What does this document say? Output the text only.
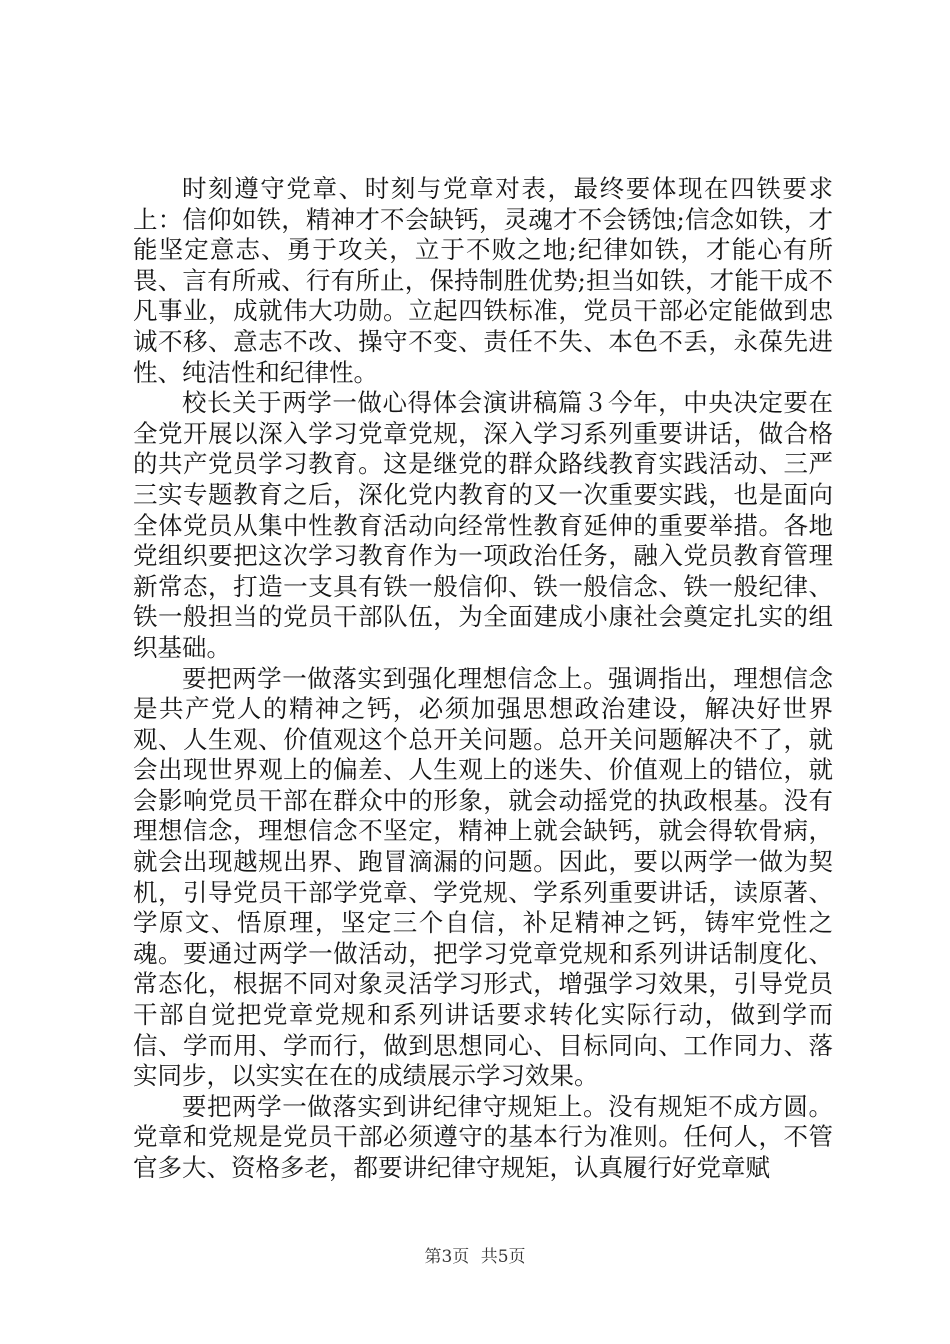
时刻遵守党章、时刻与党章对表，最终要体现在四铁要求上：信仰如铁，精神才不会缺钙，灵魂才不会锈蚀;信念如铁，才能坚定意志、勇于攻关，立于不败之地;纪律如铁，才能心有所畏、言有所戒、行有所止，保持制胜优势;担当如铁，才能干成不凡事业，成就伟大功勋。立起四铁标准，党员干部必定能做到忠诚不移、意志不改、操守不变、责任不失、本色不丢，永葆先进性、纯洁性和纪律性。

校长关于两学一做心得体会演讲稿篇３今年，中央决定要在全党开展以深入学习党章党规，深入学习系列重要讲话，做合格的共产党员学习教育。这是继党的群众路线教育实践活动、三严三实专题教育之后，深化党内教育的又一次重要实践，也是面向全体党员从集中性教育活动向经常性教育延伸的重要举措。各地党组织要把这次学习教育作为一项政治任务，融入党员教育管理新常态，打造一支具有铁一般信仰、铁一般信念、铁一般纪律、铁一般担当的党员干部队伍，为全面建成小康社会奠定扎实的组织基础。

要把两学一做落实到强化理想信念上。强调指出，理想信念是共产党人的精神之钙，必须加强思想政治建设，解决好世界观、人生观、价值观这个总开关问题。总开关问题解决不了，就会出现世界观上的偏差、人生观上的迷失、价值观上的错位，就会影响党员干部在群众中的形象，就会动摇党的执政根基。没有理想信念，理想信念不坚定，精神上就会缺钙，就会得软骨病，就会出现越规出界、跑冒滴漏的问题。因此，要以两学一做为契机，引导党员干部学党章、学党规、学系列重要讲话，读原著、学原文、悟原理，坚定三个自信，补足精神之钙，铸牢党性之魂。要通过两学一做活动，把学习党章党规和系列讲话制度化、常态化，根据不同对象灵活学习形式，增强学习效果，引导党员干部自觉把党章党规和系列讲话要求转化实际行动，做到学而信、学而用、学而行，做到思想同心、目标同向、工作同力、落实同步，以实实在在的成绩展示学习效果。

要把两学一做落实到讲纪律守规矩上。没有规矩不成方圆。党章和党规是党员干部必须遵守的基本行为准则。任何人，不管官多大、资格多老，都要讲纪律守规矩，认真履行好党章赋

第3页 共5页
